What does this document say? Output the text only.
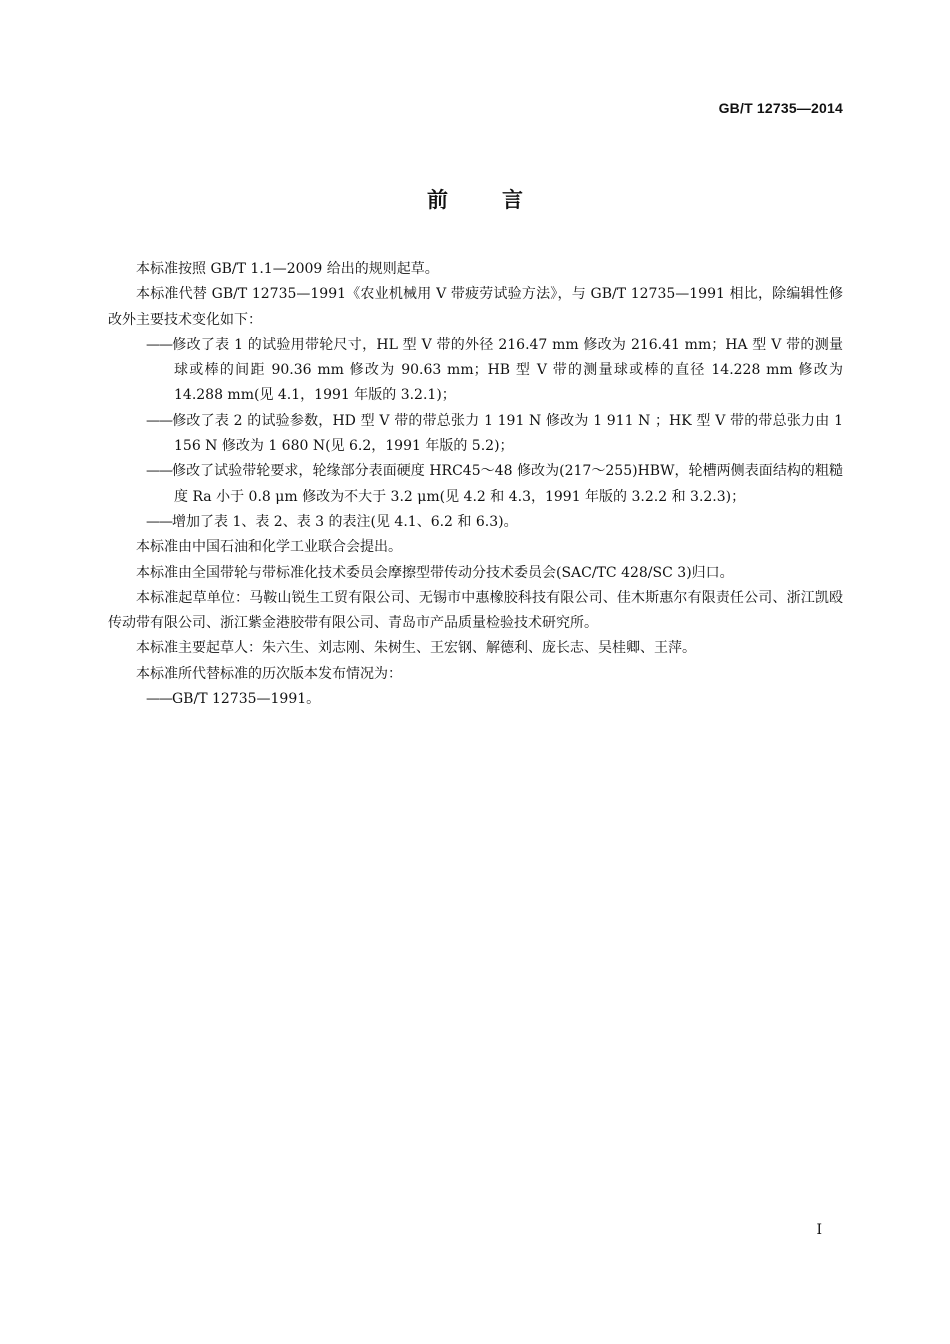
GB/T 12735—2014
前	言

本标准按照 GB/T 1.1—2009 给出的规则起草。

本标准代替 GB/T 12735—1991《农业机械用 V 带疲劳试验方法》，与 GB/T 12735—1991 相比，除编辑性修改外主要技术变化如下：

——修改了表 1 的试验用带轮尺寸，HL 型 V 带的外径 216.47 mm 修改为 216.41 mm；HA 型 V 带的测量球或棒的间距 90.36 mm 修改为 90.63 mm；HB 型 V 带的测量球或棒的直径 14.228 mm 修改为 14.288 mm(见 4.1，1991 年版的 3.2.1)；

——修改了表 2 的试验参数，HD 型 V 带的带总张力 1 191 N 修改为 1 911 N ；HK 型 V 带的带总张力由 1 156 N 修改为 1 680 N(见 6.2，1991 年版的 5.2)；

——修改了试验带轮要求，轮缘部分表面硬度 HRC45～48 修改为(217～255)HBW，轮槽两侧表面结构的粗糙度 Ra 小于 0.8 μm 修改为不大于 3.2 μm(见 4.2 和 4.3，1991 年版的 3.2.2 和 3.2.3)；

——增加了表 1、表 2、表 3 的表注(见 4.1、6.2 和 6.3)。

本标准由中国石油和化学工业联合会提出。

本标准由全国带轮与带标准化技术委员会摩擦型带传动分技术委员会(SAC/TC 428/SC 3)归口。

本标准起草单位：马鞍山锐生工贸有限公司、无锡市中惠橡胶科技有限公司、佳木斯惠尔有限责任公司、浙江凯殴传动带有限公司、浙江紫金港胶带有限公司、青岛市产品质量检验技术研究所。

本标准主要起草人：朱六生、刘志刚、朱树生、王宏钢、解德利、庞长志、吴桂卿、王萍。

本标准所代替标准的历次版本发布情况为：

——GB/T 12735—1991。

I
